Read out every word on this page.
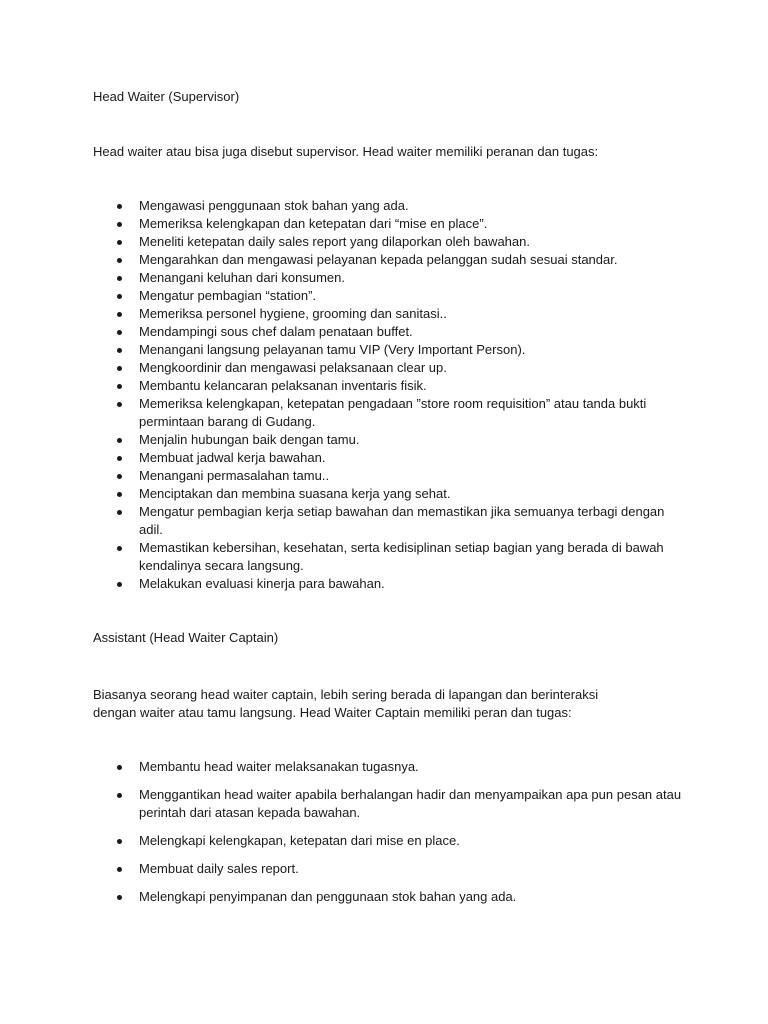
Head Waiter (Supervisor)

Head waiter atau bisa juga disebut supervisor. Head waiter memiliki peranan dan tugas:

Mengawasi penggunaan stok bahan yang ada.
Memeriksa kelengkapan dan ketepatan dari “mise en place”.
Meneliti ketepatan daily sales report yang dilaporkan oleh bawahan.
Mengarahkan dan mengawasi pelayanan kepada pelanggan sudah sesuai standar.
Menangani keluhan dari konsumen.
Mengatur pembagian “station”.
Memeriksa personel hygiene, grooming dan sanitasi..
Mendampingi sous chef dalam penataan buffet.
Menangani langsung pelayanan tamu VIP (Very Important Person).
Mengkoordinir dan mengawasi pelaksanaan clear up.
Membantu kelancaran pelaksanan inventaris fisik.
Memeriksa kelengkapan, ketepatan pengadaan ”store room requisition” atau tanda bukti permintaan barang di Gudang.
Menjalin hubungan baik dengan tamu.
Membuat jadwal kerja bawahan.
Menangani permasalahan tamu..
Menciptakan dan membina suasana kerja yang sehat.
Mengatur pembagian kerja setiap bawahan dan memastikan jika semuanya terbagi dengan adil.
Memastikan kebersihan, kesehatan, serta kedisiplinan setiap bagian yang berada di bawah kendalinya secara langsung.
Melakukan evaluasi kinerja para bawahan.

Assistant (Head Waiter Captain)

Biasanya seorang head waiter captain, lebih sering berada di lapangan dan berinteraksi
dengan waiter atau tamu langsung. Head Waiter Captain memiliki peran dan tugas:

Membantu head waiter melaksanakan tugasnya.
Menggantikan head waiter apabila berhalangan hadir dan menyampaikan apa pun pesan atau perintah dari atasan kepada bawahan.
Melengkapi kelengkapan, ketepatan dari mise en place.
Membuat daily sales report.
Melengkapi penyimpanan dan penggunaan stok bahan yang ada.
